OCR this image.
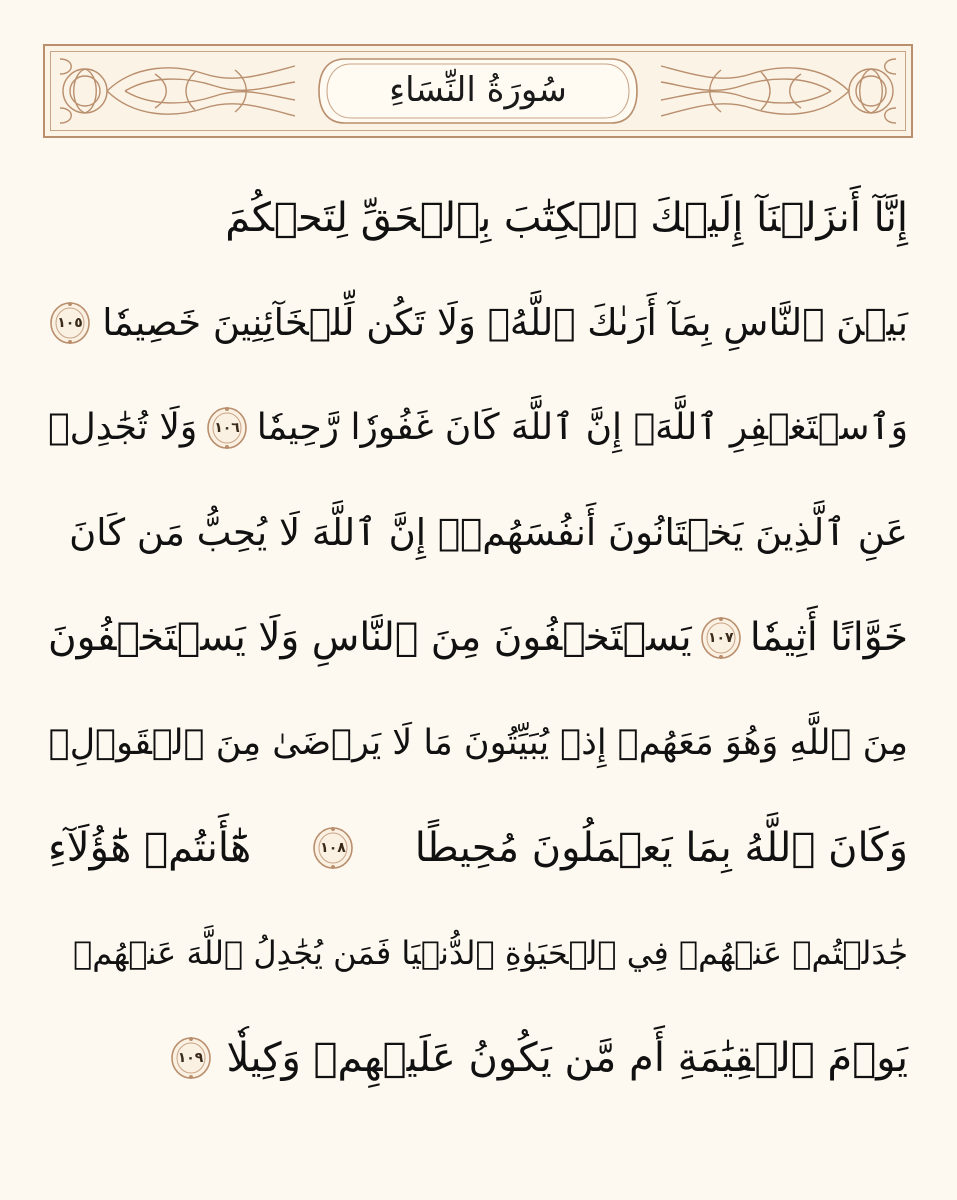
سُورَةُ النِّسَاءِ
إِنَّآ أَنزَلۡنَآ إِلَيۡكَ ٱلۡكِتَٰبَ بِٱلۡحَقِّ لِتَحۡكُمَ
بَيۡنَ ٱلنَّاسِ بِمَآ أَرَىٰكَ ٱللَّهُۚ وَلَا تَكُن لِّلۡخَآئِنِينَ خَصِيمٗا
١٠٥
وَٱسۡتَغۡفِرِ ٱللَّهَۖ إِنَّ ٱللَّهَ كَانَ غَفُورٗا رَّحِيمٗا
١٠٦
وَلَا تُجَٰدِلۡ
عَنِ ٱلَّذِينَ يَخۡتَانُونَ أَنفُسَهُمۡۚ إِنَّ ٱللَّهَ لَا يُحِبُّ مَن كَانَ
خَوَّانًا أَثِيمٗا
١٠٧
يَسۡتَخۡفُونَ مِنَ ٱلنَّاسِ وَلَا يَسۡتَخۡفُونَ
مِنَ ٱللَّهِ وَهُوَ مَعَهُمۡ إِذۡ يُبَيِّتُونَ مَا لَا يَرۡضَىٰ مِنَ ٱلۡقَوۡلِۚ
وَكَانَ ٱللَّهُ بِمَا يَعۡمَلُونَ مُحِيطًا
١٠٨
هَٰٓأَنتُمۡ هَٰٓؤُلَآءِ
جَٰدَلۡتُمۡ عَنۡهُمۡ فِي ٱلۡحَيَوٰةِ ٱلدُّنۡيَا فَمَن يُجَٰدِلُ ٱللَّهَ عَنۡهُمۡ
يَوۡمَ ٱلۡقِيَٰمَةِ أَم مَّن يَكُونُ عَلَيۡهِمۡ وَكِيلٗا
١٠٩
